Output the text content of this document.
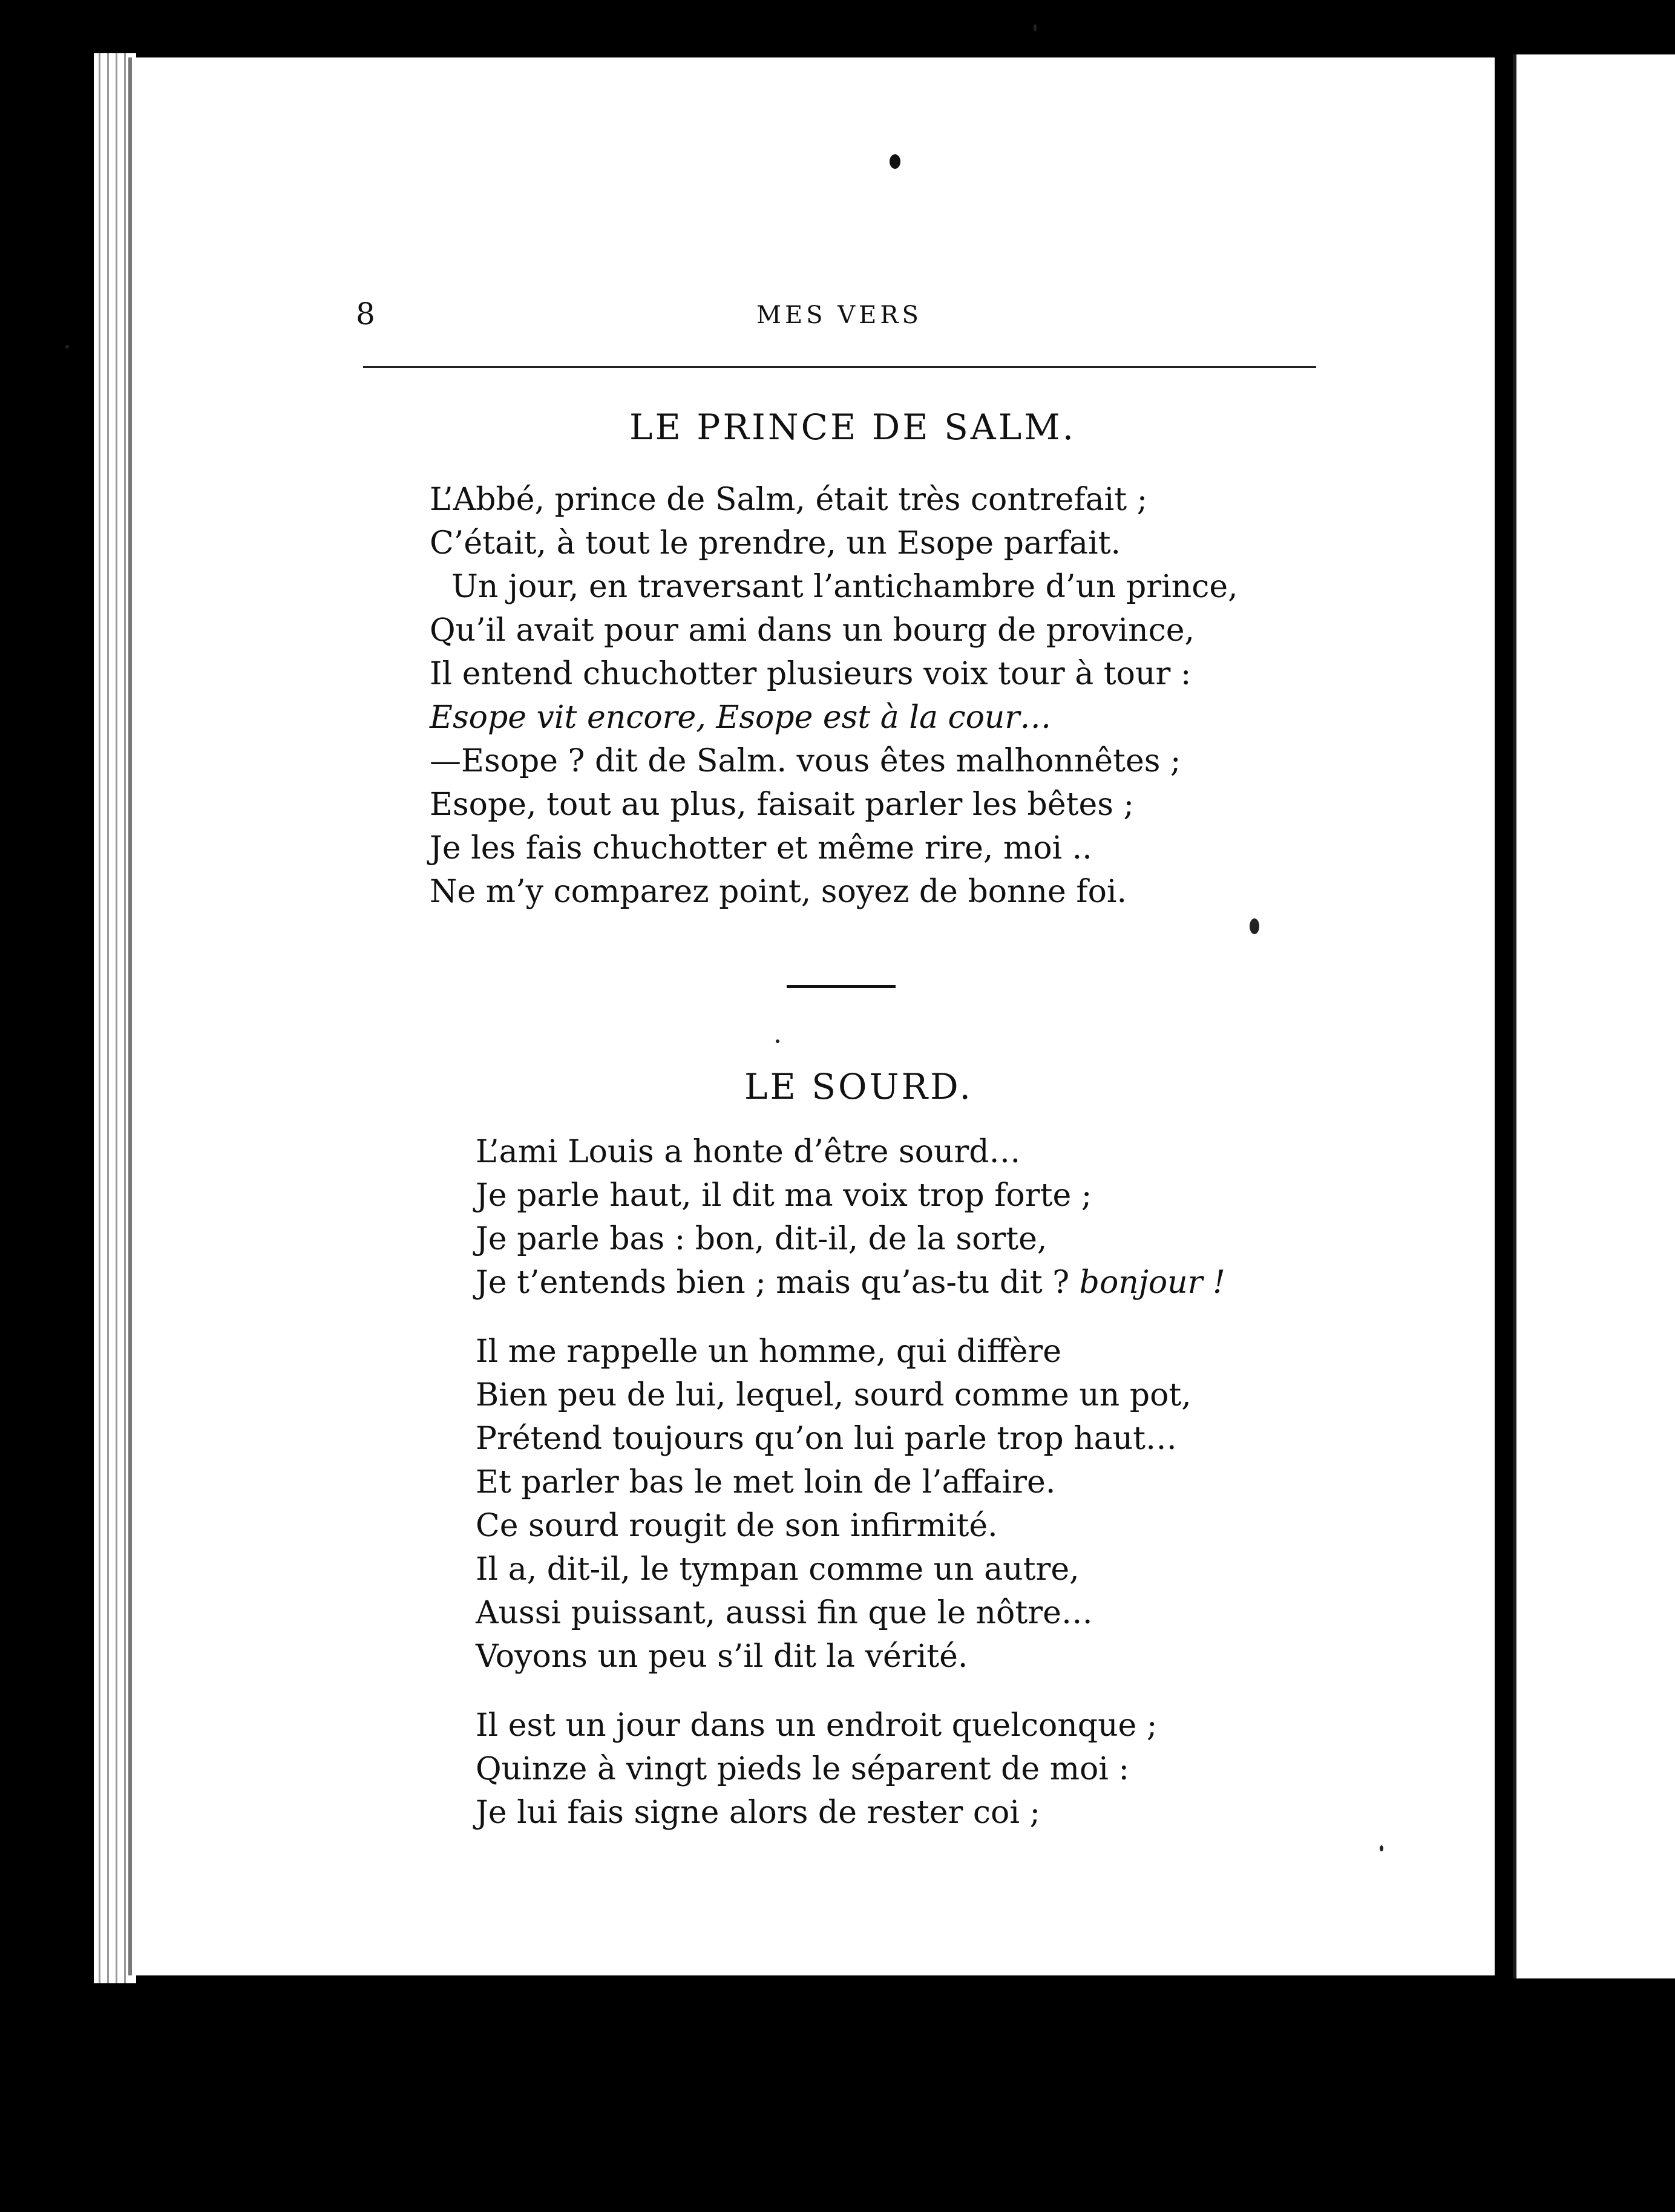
8	MES VERS
LE PRINCE DE SALM.
L’Abbé, prince de Salm, était très contrefait ;
C’était, à tout le prendre, un Esope parfait.
Un jour, en traversant l’antichambre d’un prince,
Qu’il avait pour ami dans un bourg de province,
Il entend chuchotter plusieurs voix tour à tour :
Esope vit encore, Esope est à la cour…
—Esope ? dit de Salm. vous êtes malhonnêtes ;
Esope, tout au plus, faisait parler les bêtes ;
Je les fais chuchotter et même rire, moi ..
Ne m’y comparez point, soyez de bonne foi.
LE SOURD.
L’ami Louis a honte d’être sourd…
Je parle haut, il dit ma voix trop forte ;
Je parle bas : bon, dit-il, de la sorte,
Je t’entends bien ; mais qu’as-tu dit ? bonjour !
Il me rappelle un homme, qui diffère
Bien peu de lui, lequel, sourd comme un pot,
Prétend toujours qu’on lui parle trop haut…
Et parler bas le met loin de l’affaire.
Ce sourd rougit de son infirmité.
Il a, dit-il, le tympan comme un autre,
Aussi puissant, aussi fin que le nôtre…
Voyons un peu s’il dit la vérité.
Il est un jour dans un endroit quelconque ;
Quinze à vingt pieds le séparent de moi :
Je lui fais signe alors de rester coi ;
